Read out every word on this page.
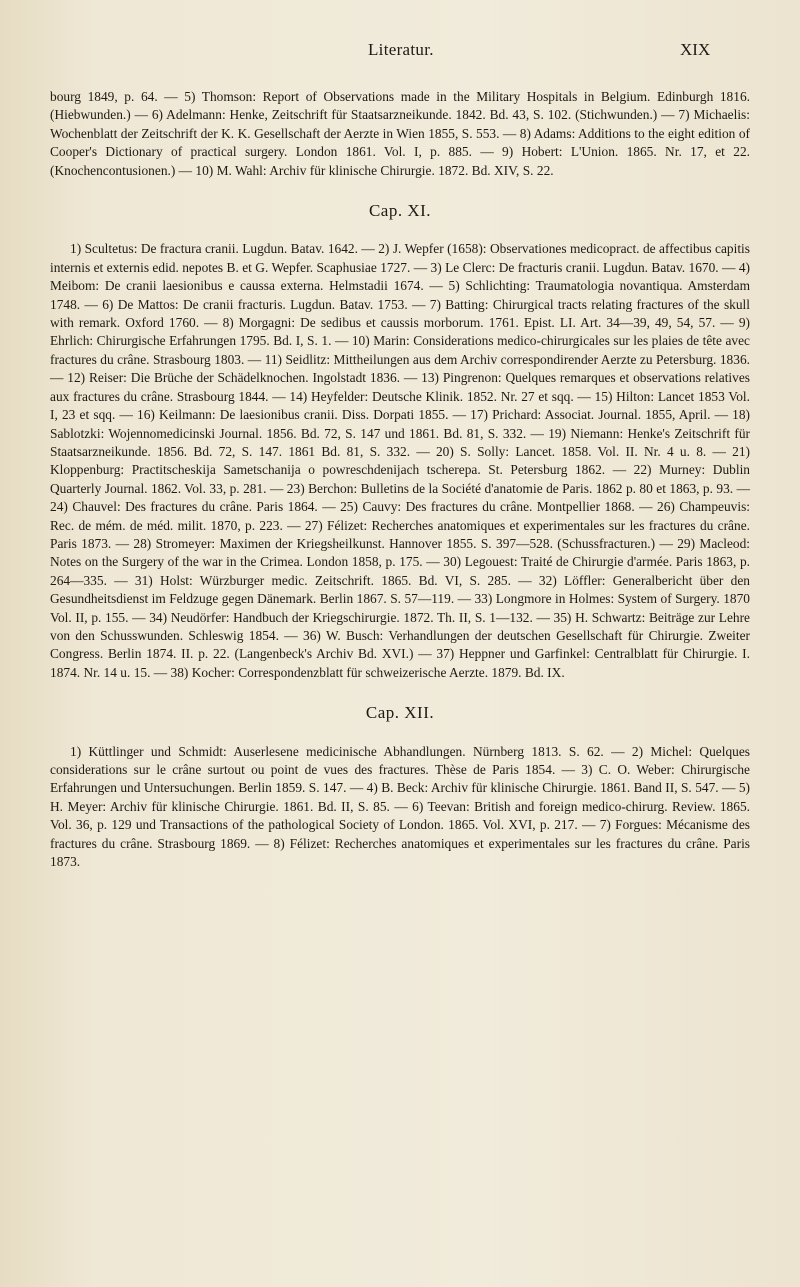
Literatur.	XIX

bourg 1849, p. 64. — 5) Thomson: Report of Observations made in the Military Hospitals in Belgium. Edinburgh 1816. (Hiebwunden.) — 6) Adelmann: Henke, Zeitschrift für Staatsarzneikunde. 1842. Bd. 43, S. 102. (Stichwunden.) — 7) Michaelis: Wochenblatt der Zeitschrift der K. K. Gesellschaft der Aerzte in Wien 1855, S. 553. — 8) Adams: Additions to the eight edition of Cooper's Dictionary of practical surgery. London 1861. Vol. I, p. 885. — 9) Hobert: L'Union. 1865. Nr. 17, et 22. (Knochencontusionen.) — 10) M. Wahl: Archiv für klinische Chirurgie. 1872. Bd. XIV, S. 22.

Cap. XI.

1) Scultetus: De fractura cranii. Lugdun. Batav. 1642. — 2) J. Wepfer (1658): Observationes medicopract. de affectibus capitis internis et externis edid. nepotes B. et G. Wepfer. Scaphusiae 1727. — 3) Le Clerc: De fracturis cranii. Lugdun. Batav. 1670. — 4) Meibom: De cranii laesionibus e caussa externa. Helmstadii 1674. — 5) Schlichting: Traumatologia novantiqua. Amsterdam 1748. — 6) De Mattos: De cranii fracturis. Lugdun. Batav. 1753. — 7) Batting: Chirurgical tracts relating fractures of the skull with remark. Oxford 1760. — 8) Morgagni: De sedibus et caussis morborum. 1761. Epist. LI. Art. 34—39, 49, 54, 57. — 9) Ehrlich: Chirurgische Erfahrungen 1795. Bd. I, S. 1. — 10) Marin: Considerations medico-chirurgicales sur les plaies de tête avec fractures du crâne. Strasbourg 1803. — 11) Seidlitz: Mittheilungen aus dem Archiv correspondirender Aerzte zu Petersburg. 1836. — 12) Reiser: Die Brüche der Schädelknochen. Ingolstadt 1836. — 13) Pingrenon: Quelques remarques et observations relatives aux fractures du crâne. Strasbourg 1844. — 14) Heyfelder: Deutsche Klinik. 1852. Nr. 27 et sqq. — 15) Hilton: Lancet 1853 Vol. I, 23 et sqq. — 16) Keilmann: De laesionibus cranii. Diss. Dorpati 1855. — 17) Prichard: Associat. Journal. 1855, April. — 18) Sablotzki: Wojennomedicinski Journal. 1856. Bd. 72, S. 147 und 1861. Bd. 81, S. 332. — 19) Niemann: Henke's Zeitschrift für Staatsarzneikunde. 1856. Bd. 72, S. 147. 1861 Bd. 81, S. 332. — 20) S. Solly: Lancet. 1858. Vol. II. Nr. 4 u. 8. — 21) Kloppenburg: Practitscheskija Sametschanija o powreschdenijach tscherepa. St. Petersburg 1862. — 22) Murney: Dublin Quarterly Journal. 1862. Vol. 33, p. 281. — 23) Berchon: Bulletins de la Société d'anatomie de Paris. 1862 p. 80 et 1863, p. 93. — 24) Chauvel: Des fractures du crâne. Paris 1864. — 25) Cauvy: Des fractures du crâne. Montpellier 1868. — 26) Champeuvis: Rec. de mém. de méd. milit. 1870, p. 223. — 27) Félizet: Recherches anatomiques et experimentales sur les fractures du crâne. Paris 1873. — 28) Stromeyer: Maximen der Kriegsheilkunst. Hannover 1855. S. 397—528. (Schussfracturen.) — 29) Macleod: Notes on the Surgery of the war in the Crimea. London 1858, p. 175. — 30) Legouest: Traité de Chirurgie d'armée. Paris 1863, p. 264—335. — 31) Holst: Würzburger medic. Zeitschrift. 1865. Bd. VI, S. 285. — 32) Löffler: Generalbericht über den Gesundheitsdienst im Feldzuge gegen Dänemark. Berlin 1867. S. 57—119. — 33) Longmore in Holmes: System of Surgery. 1870 Vol. II, p. 155. — 34) Neudörfer: Handbuch der Kriegschirurgie. 1872. Th. II, S. 1—132. — 35) H. Schwartz: Beiträge zur Lehre von den Schusswunden. Schleswig 1854. — 36) W. Busch: Verhandlungen der deutschen Gesellschaft für Chirurgie. Zweiter Congress. Berlin 1874. II. p. 22. (Langenbeck's Archiv Bd. XVI.) — 37) Heppner und Garfinkel: Centralblatt für Chirurgie. I. 1874. Nr. 14 u. 15. — 38) Kocher: Correspondenzblatt für schweizerische Aerzte. 1879. Bd. IX.

Cap. XII.

1) Küttlinger und Schmidt: Auserlesene medicinische Abhandlungen. Nürnberg 1813. S. 62. — 2) Michel: Quelques considerations sur le crâne surtout ou point de vues des fractures. Thèse de Paris 1854. — 3) C. O. Weber: Chirurgische Erfahrungen und Untersuchungen. Berlin 1859. S. 147. — 4) B. Beck: Archiv für klinische Chirurgie. 1861. Band II, S. 547. — 5) H. Meyer: Archiv für klinische Chirurgie. 1861. Bd. II, S. 85. — 6) Teevan: British and foreign medico-chirurg. Review. 1865. Vol. 36, p. 129 und Transactions of the pathological Society of London. 1865. Vol. XVI, p. 217. — 7) Forgues: Mécanisme des fractures du crâne. Strasbourg 1869. — 8) Félizet: Recherches anatomiques et experimentales sur les fractures du crâne. Paris 1873.
